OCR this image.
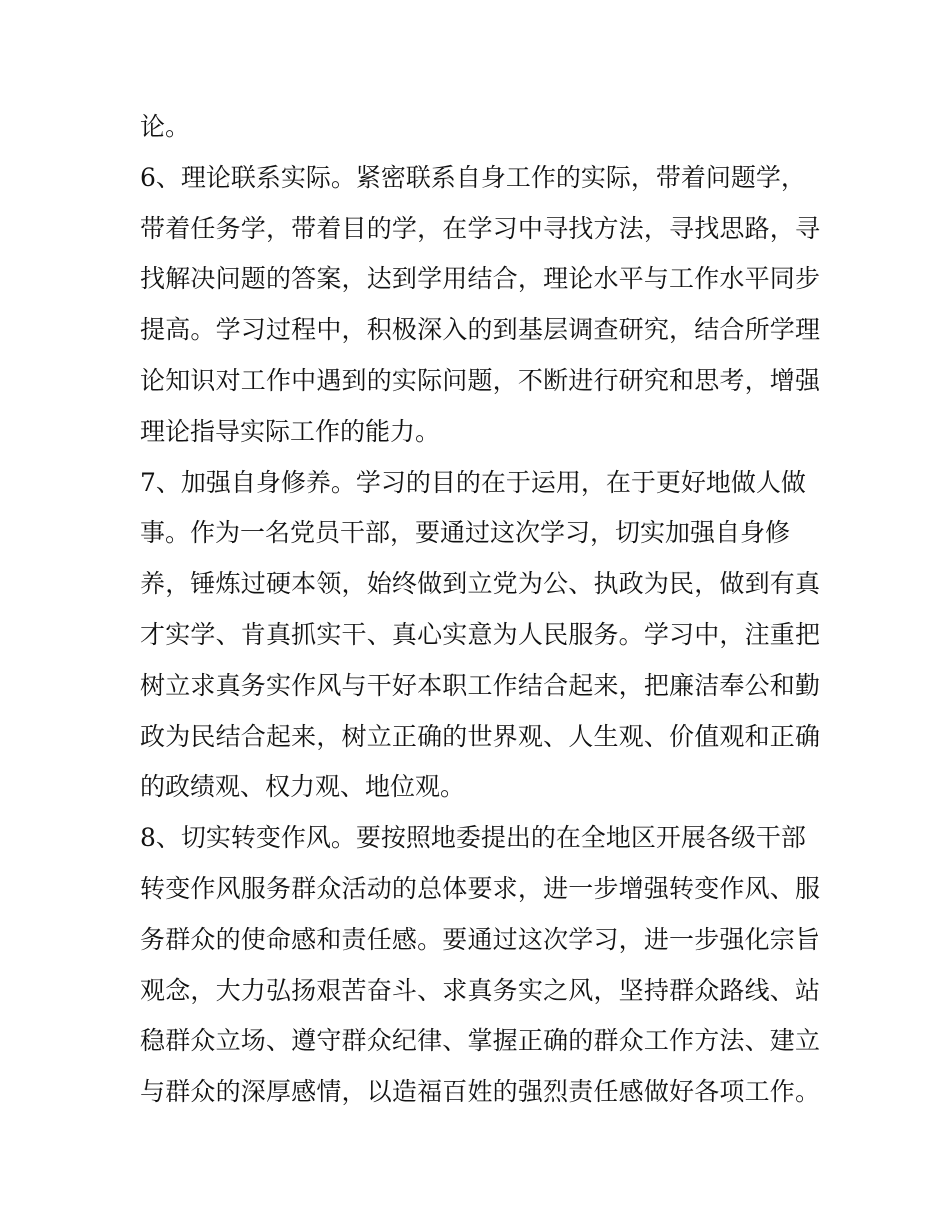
论。
6、理论联系实际。紧密联系自身工作的实际，带着问题学，
带着任务学，带着目的学，在学习中寻找方法，寻找思路，寻
找解决问题的答案，达到学用结合，理论水平与工作水平同步
提高。学习过程中，积极深入的到基层调查研究，结合所学理
论知识对工作中遇到的实际问题，不断进行研究和思考，增强
理论指导实际工作的能力。
7、加强自身修养。学习的目的在于运用，在于更好地做人做
事。作为一名党员干部，要通过这次学习，切实加强自身修
养，锤炼过硬本领，始终做到立党为公、执政为民，做到有真
才实学、肯真抓实干、真心实意为人民服务。学习中，注重把
树立求真务实作风与干好本职工作结合起来，把廉洁奉公和勤
政为民结合起来，树立正确的世界观、人生观、价值观和正确
的政绩观、权力观、地位观。
8、切实转变作风。要按照地委提出的在全地区开展各级干部
转变作风服务群众活动的总体要求，进一步增强转变作风、服
务群众的使命感和责任感。要通过这次学习，进一步强化宗旨
观念，大力弘扬艰苦奋斗、求真务实之风，坚持群众路线、站
稳群众立场、遵守群众纪律、掌握正确的群众工作方法、建立
与群众的深厚感情，以造福百姓的强烈责任感做好各项工作。
